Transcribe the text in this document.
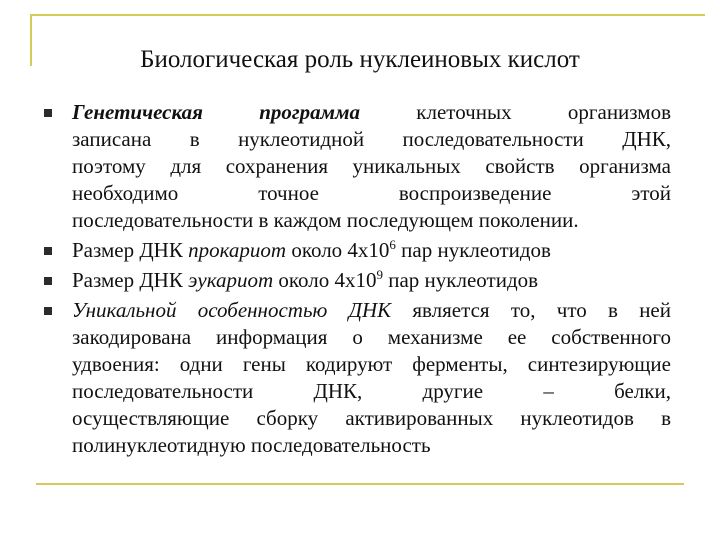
Биологическая роль нуклеиновых кислот
Генетическая	программа	клеточных организмов
записана в нуклеотидной последовательности ДНК,
поэтому для сохранения уникальных свойств организма
необходимо точное воспроизведение этой
последовательности в каждом последующем поколении.
Размер ДНК прокариот около $4х10^6$ пар нуклеотидов
Размер ДНК эукариот около $4х10^9$ пар нуклеотидов
Уникальной особенностью ДНК является то, что в ней
закодирована информация о механизме ее собственного
удвоения: одни гены кодируют ферменты, синтезирующие
последовательности ДНК, другие – белки,
осуществляющие сборку активированных нуклеотидов в
полинуклеотидную последовательность
